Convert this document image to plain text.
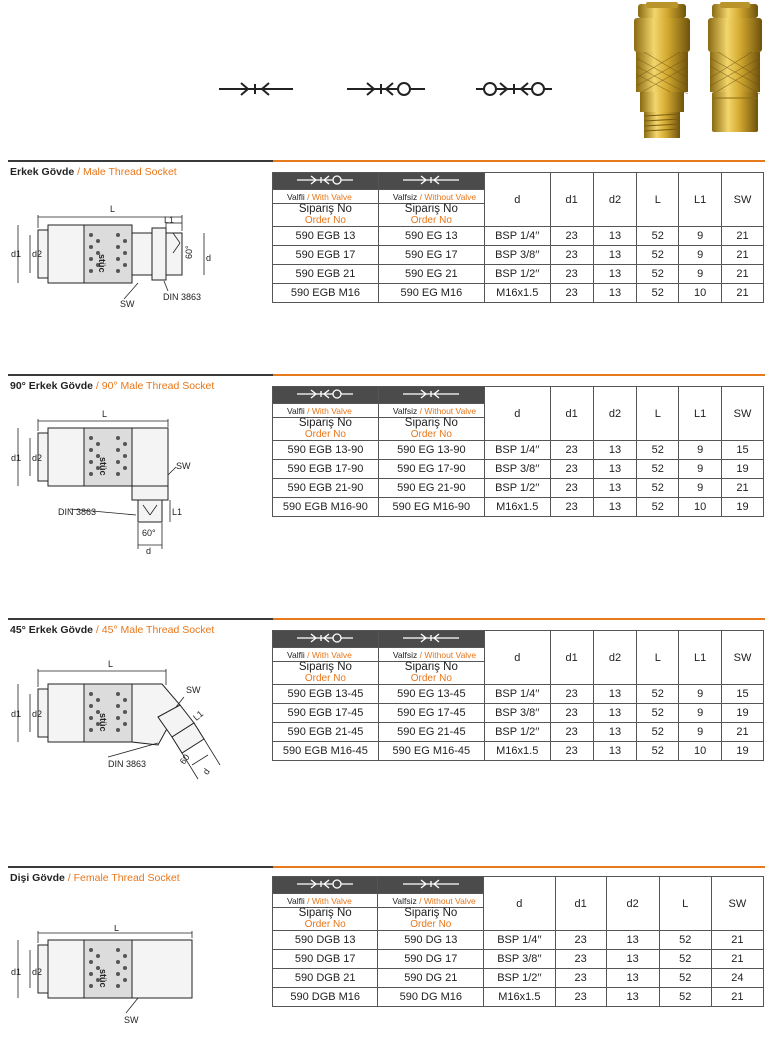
Erkek Gövde / Male Thread Socket
stüc
L
L1
d1 d2	60° d
SW
DIN 3863
		d	d1	d2	L	L1	SW
Valfli / With Valve	Valfsiz / Without Valve						
Sipariş No
Order No	Sipariş No
Order No						

590 EGB 13	590 EG 13	BSP 1/4′′	23	13	52	9	21
590 EGB 17	590 EG 17	BSP 3/8′′	23	13	52	9	21
590 EGB 21	590 EG 21	BSP 1/2′′	23	13	52	9	21
590 EGB M16	590 EG M16	M16x1.5	23	13	52	10	21
90° Erkek Gövde / 90° Male Thread Socket
stüc
L
d1 d2
SW
L1
DIN 3863
60°
d
		d	d1	d2	L	L1	SW
Valfli / With Valve	Valfsiz / Without Valve						
Sipariş No
Order No	Sipariş No
Order No						

590 EGB 13-90	590 EG 13-90	BSP 1/4′′	23	13	52	9	15
590 EGB 17-90	590 EG 17-90	BSP 3/8′′	23	13	52	9	19
590 EGB 21-90	590 EG 21-90	BSP 1/2′′	23	13	52	9	21
590 EGB M16-90	590 EG M16-90	M16x1.5	23	13	52	10	19
45° Erkek Gövde / 45° Male Thread Socket
stüc
L
d1 d2
SW
L1
60
d
DIN 3863
		d	d1	d2	L	L1	SW
Valfli / With Valve	Valfsiz / Without Valve						
Sipariş No
Order No	Sipariş No
Order No						

590 EGB 13-45	590 EG 13-45	BSP 1/4′′	23	13	52	9	15
590 EGB 17-45	590 EG 17-45	BSP 3/8′′	23	13	52	9	19
590 EGB 21-45	590 EG 21-45	BSP 1/2′′	23	13	52	9	21
590 EGB M16-45	590 EG M16-45	M16x1.5	23	13	52	10	19
Dişi Gövde / Female Thread Socket
stüc
L
d1 d2
SW
		d	d1	d2	L	SW
Valfli / With Valve	Valfsiz / Without Valve					
Sipariş No
Order No	Sipariş No
Order No					

590 DGB 13	590 DG 13	BSP 1/4′′	23	13	52	21
590 DGB 17	590 DG 17	BSP 3/8′′	23	13	52	21
590 DGB 21	590 DG 21	BSP 1/2′′	23	13	52	24
590 DGB M16	590 DG M16	M16x1.5	23	13	52	21
